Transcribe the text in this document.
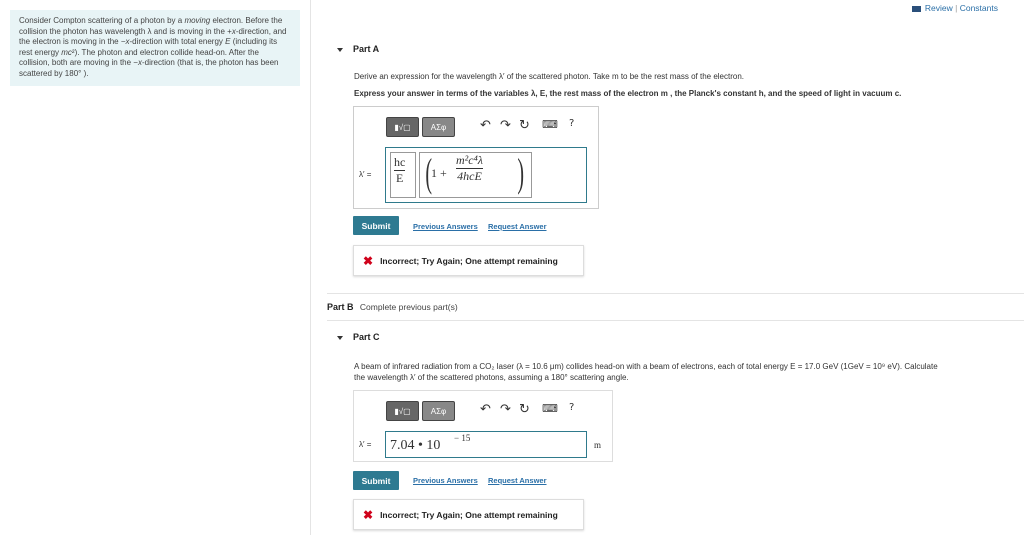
Consider Compton scattering of a photon by a moving electron. Before the collision the photon has wavelength λ and is moving in the +x-direction, and the electron is moving in the −x-direction with total energy E (including its rest energy mc²). The photon and electron collide head-on. After the collision, both are moving in the −x-direction (that is, the photon has been scattered by 180° ).
Review | Constants
Part A
Derive an expression for the wavelength λ′ of the scattered photon. Take m to be the rest mass of the electron.
Express your answer in terms of the variables λ, E, the rest mass of the electron m , the Planck's constant h, and the speed of light in vacuum c.
▮√▢	ΑΣφ	↶ ↷ ↻ ⌨ ?
λ′ =
hc
E ( 1 +
m²c⁴λ
4hcE )
Submit	Previous Answers Request Answer
✖ Incorrect; Try Again; One attempt remaining
Part B Complete previous part(s)
Part C
A beam of infrared radiation from a CO₂ laser (λ = 10.6 μm) collides head-on with a beam of electrons, each of total energy E = 17.0 GeV (1GeV = 10⁹ eV). Calculate
the wavelength λ′ of the scattered photons, assuming a 180° scattering angle.
▮√▢	ΑΣφ	↶ ↷ ↻ ⌨ ?
λ′ = 7.04 • 10 − 15
m
Submit	Previous Answers Request Answer
✖ Incorrect; Try Again; One attempt remaining
